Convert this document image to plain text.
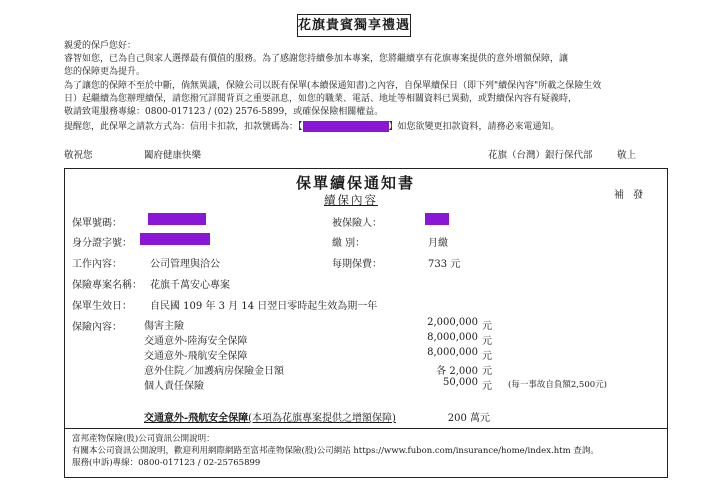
花旗貴賓獨享禮遇
親愛的保戶您好：
睿智如您，已為自己與家人選擇最有價值的服務。為了感謝您持續參加本專案，您將繼續享有花旗專案提供的意外增額保障，讓
您的保障更為提升。
為了讓您的保障不至於中斷，倘無異議，保險公司以既有保單(本續保通知書)之內容，自保單續保日（即下列"續保內容"所載之保險生效
日）起繼續為您辦理續保，請您撥冗詳閱背頁之重要訊息，如您的職業、電話、地址等相關資料已異動，或對續保內容有疑義時，
敬請致電服務專線：0800-017123 / (02) 2576-5899，或確保保險相關權益。
提醒您，此保單之請款方式為：信用卡扣款，扣款號碼為：【	】如您欲變更扣款資料，請務必來電通知。
敬祝您	闔府健康快樂	花旗（台灣）銀行保代部	敬上
保單續保通知書
續保內容	補 發
保單號碼：	被保險人：
身分證字號：	繳 別：	月繳
工作內容：	公司管理與洽公	每期保費：	733 元
保險專案名稱： 花旗千萬安心專案
保單生效日： 自民國 109 年 3 月 14 日翌日零時起生效為期一年
保險內容： 傷害主險	2,000,000 元
交通意外-陸海安全保障	8,000,000 元
交通意外-飛航安全保障	8,000,000 元
意外住院／加護病房保險金日額	各 2,000 元
個人責任保險	50,000 元 (每一事故自負額2,500元)
交通意外-飛航安全保障(本項為花旗專案提供之增額保障)	200 萬元
富邦產物保險(股)公司資訊公開說明：
有關本公司資訊公開說明，歡迎利用網際網路至富邦產物保險(股)公司網站 https://www.fubon.com/insurance/home/index.htm 查詢。
服務(申訴)專線：0800-017123 / 02-25765899
